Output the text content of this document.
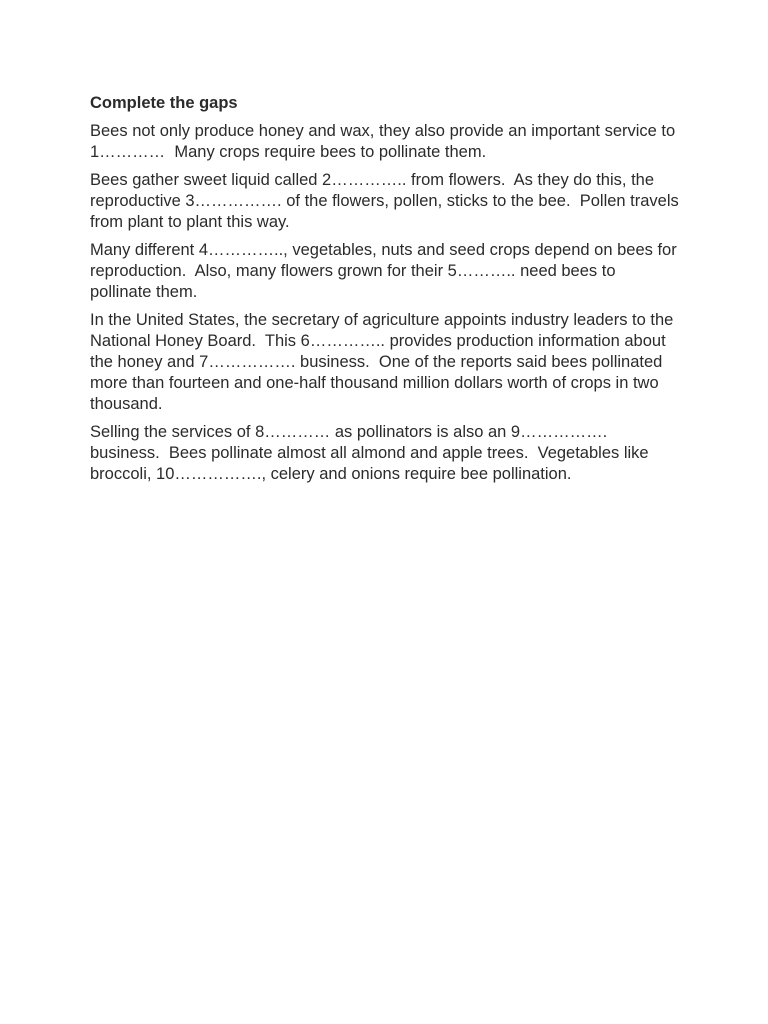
Complete the gaps

Bees not only produce honey and wax, they also provide an important service to 1…………  Many crops require bees to pollinate them.

Bees gather sweet liquid called 2………….. from flowers.  As they do this, the reproductive 3……………. of the flowers, pollen, sticks to the bee.  Pollen travels from plant to plant this way.

Many different 4………….., vegetables, nuts and seed crops depend on bees for reproduction.  Also, many flowers grown for their 5……….. need bees to pollinate them.

In the United States, the secretary of agriculture appoints industry leaders to the National Honey Board.  This 6………….. provides production information about the honey and 7……………. business.  One of the reports said bees pollinated more than fourteen and one-half thousand million dollars worth of crops in two thousand.

Selling the services of 8………… as pollinators is also an 9……………. business.  Bees pollinate almost all almond and apple trees.  Vegetables like broccoli, 10……………., celery and onions require bee pollination.
